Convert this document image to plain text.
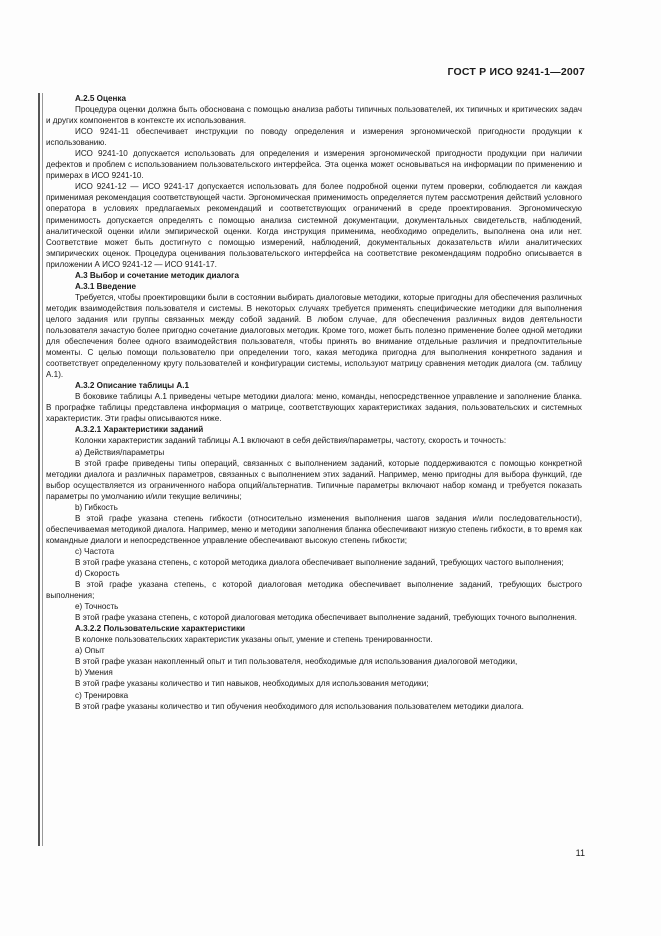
ГОСТ Р ИСО 9241-1—2007

А.2.5 Оценка

Процедура оценки должна быть обоснована с помощью анализа работы типичных пользователей, их типичных и критических задач и других компонентов в контексте их использования.

ИСО 9241-11 обеспечивает инструкции по поводу определения и измерения эргономической пригодности продукции к использованию.

ИСО 9241-10 допускается использовать для определения и измерения эргономической пригодности продукции при наличии дефектов и проблем с использованием пользовательского интерфейса. Эта оценка может основываться на информации по применению и примерах в ИСО 9241-10.

ИСО 9241-12 — ИСО 9241-17 допускается использовать для более подробной оценки путем проверки, соблюдается ли каждая применимая рекомендация соответствующей части. Эргономическая применимость определяется путем рассмотрения действий условного оператора в условиях предлагаемых рекомендаций и соответствующих ограничений в среде проектирования. Эргономическую применимость допускается определять с помощью анализа системной документации, документальных свидетельств, наблюдений, аналитической оценки и/или эмпирической оценки. Когда инструкция применима, необходимо определить, выполнена она или нет. Соответствие может быть достигнуто с помощью измерений, наблюдений, документальных доказательств и/или аналитических эмпирических оценок. Процедура оценивания пользовательского интерфейса на соответствие рекомендациям подробно описывается в приложении А ИСО 9241-12 — ИСО 9141-17.

А.3 Выбор и сочетание методик диалога

А.3.1 Введение

Требуется, чтобы проектировщики были в состоянии выбирать диалоговые методики, которые пригодны для обеспечения различных методик взаимодействия пользователя и системы. В некоторых случаях требуется применять специфические методики для выполнения целого задания или группы связанных между собой заданий. В любом случае, для обеспечения различных видов деятельности пользователя зачастую более пригодно сочетание диалоговых методик. Кроме того, может быть полезно применение более одной методики для обеспечения более одного взаимодействия пользователя, чтобы принять во внимание отдельные различия и предпочтительные моменты. С целью помощи пользователю при определении того, какая методика пригодна для выполнения конкретного задания и соответствует определенному кругу пользователей и конфигурации системы, используют матрицу сравнения методик диалога (см. таблицу А.1).

А.3.2 Описание таблицы А.1

В боковике таблицы А.1 приведены четыре методики диалога: меню, команды, непосредственное управление и заполнение бланка. В прографке таблицы представлена информация о матрице, соответствующих характеристиках задания, пользовательских и системных характеристик. Эти графы описываются ниже.

А.3.2.1 Характеристики заданий

Колонки характеристик заданий таблицы А.1 включают в себя действия/параметры, частоту, скорость и точность:

a) Действия/параметры

В этой графе приведены типы операций, связанных с выполнением заданий, которые поддерживаются с помощью конкретной методики диалога и различных параметров, связанных с выполнением этих заданий. Например, меню пригодны для выбора функций, где выбор осуществляется из ограниченного набора опций/альтернатив. Типичные параметры включают набор команд и требуется показать параметры по умолчанию и/или текущие величины;

b) Гибкость

В этой графе указана степень гибкости (относительно изменения выполнения шагов задания и/или последовательности), обеспечиваемая методикой диалога. Например, меню и методики заполнения бланка обеспечивают низкую степень гибкости, в то время как командные диалоги и непосредственное управление обеспечивают высокую степень гибкости;

c) Частота

В этой графе указана степень, с которой методика диалога обеспечивает выполнение заданий, требующих частого выполнения;

d) Скорость

В этой графе указана степень, с которой диалоговая методика обеспечивает выполнение заданий, требующих быстрого выполнения;

e) Точность

В этой графе указана степень, с которой диалоговая методика обеспечивает выполнение заданий, требующих точного выполнения.

А.3.2.2 Пользовательские характеристики

В колонке пользовательских характеристик указаны опыт, умение и степень тренированности.

a) Опыт

В этой графе указан накопленный опыт и тип пользователя, необходимые для использования диалоговой методики,

b) Умения

В этой графе указаны количество и тип навыков, необходимых для использования методики;

c) Тренировка

В этой графе указаны количество и тип обучения необходимого для использования пользователем методики диалога.

11
